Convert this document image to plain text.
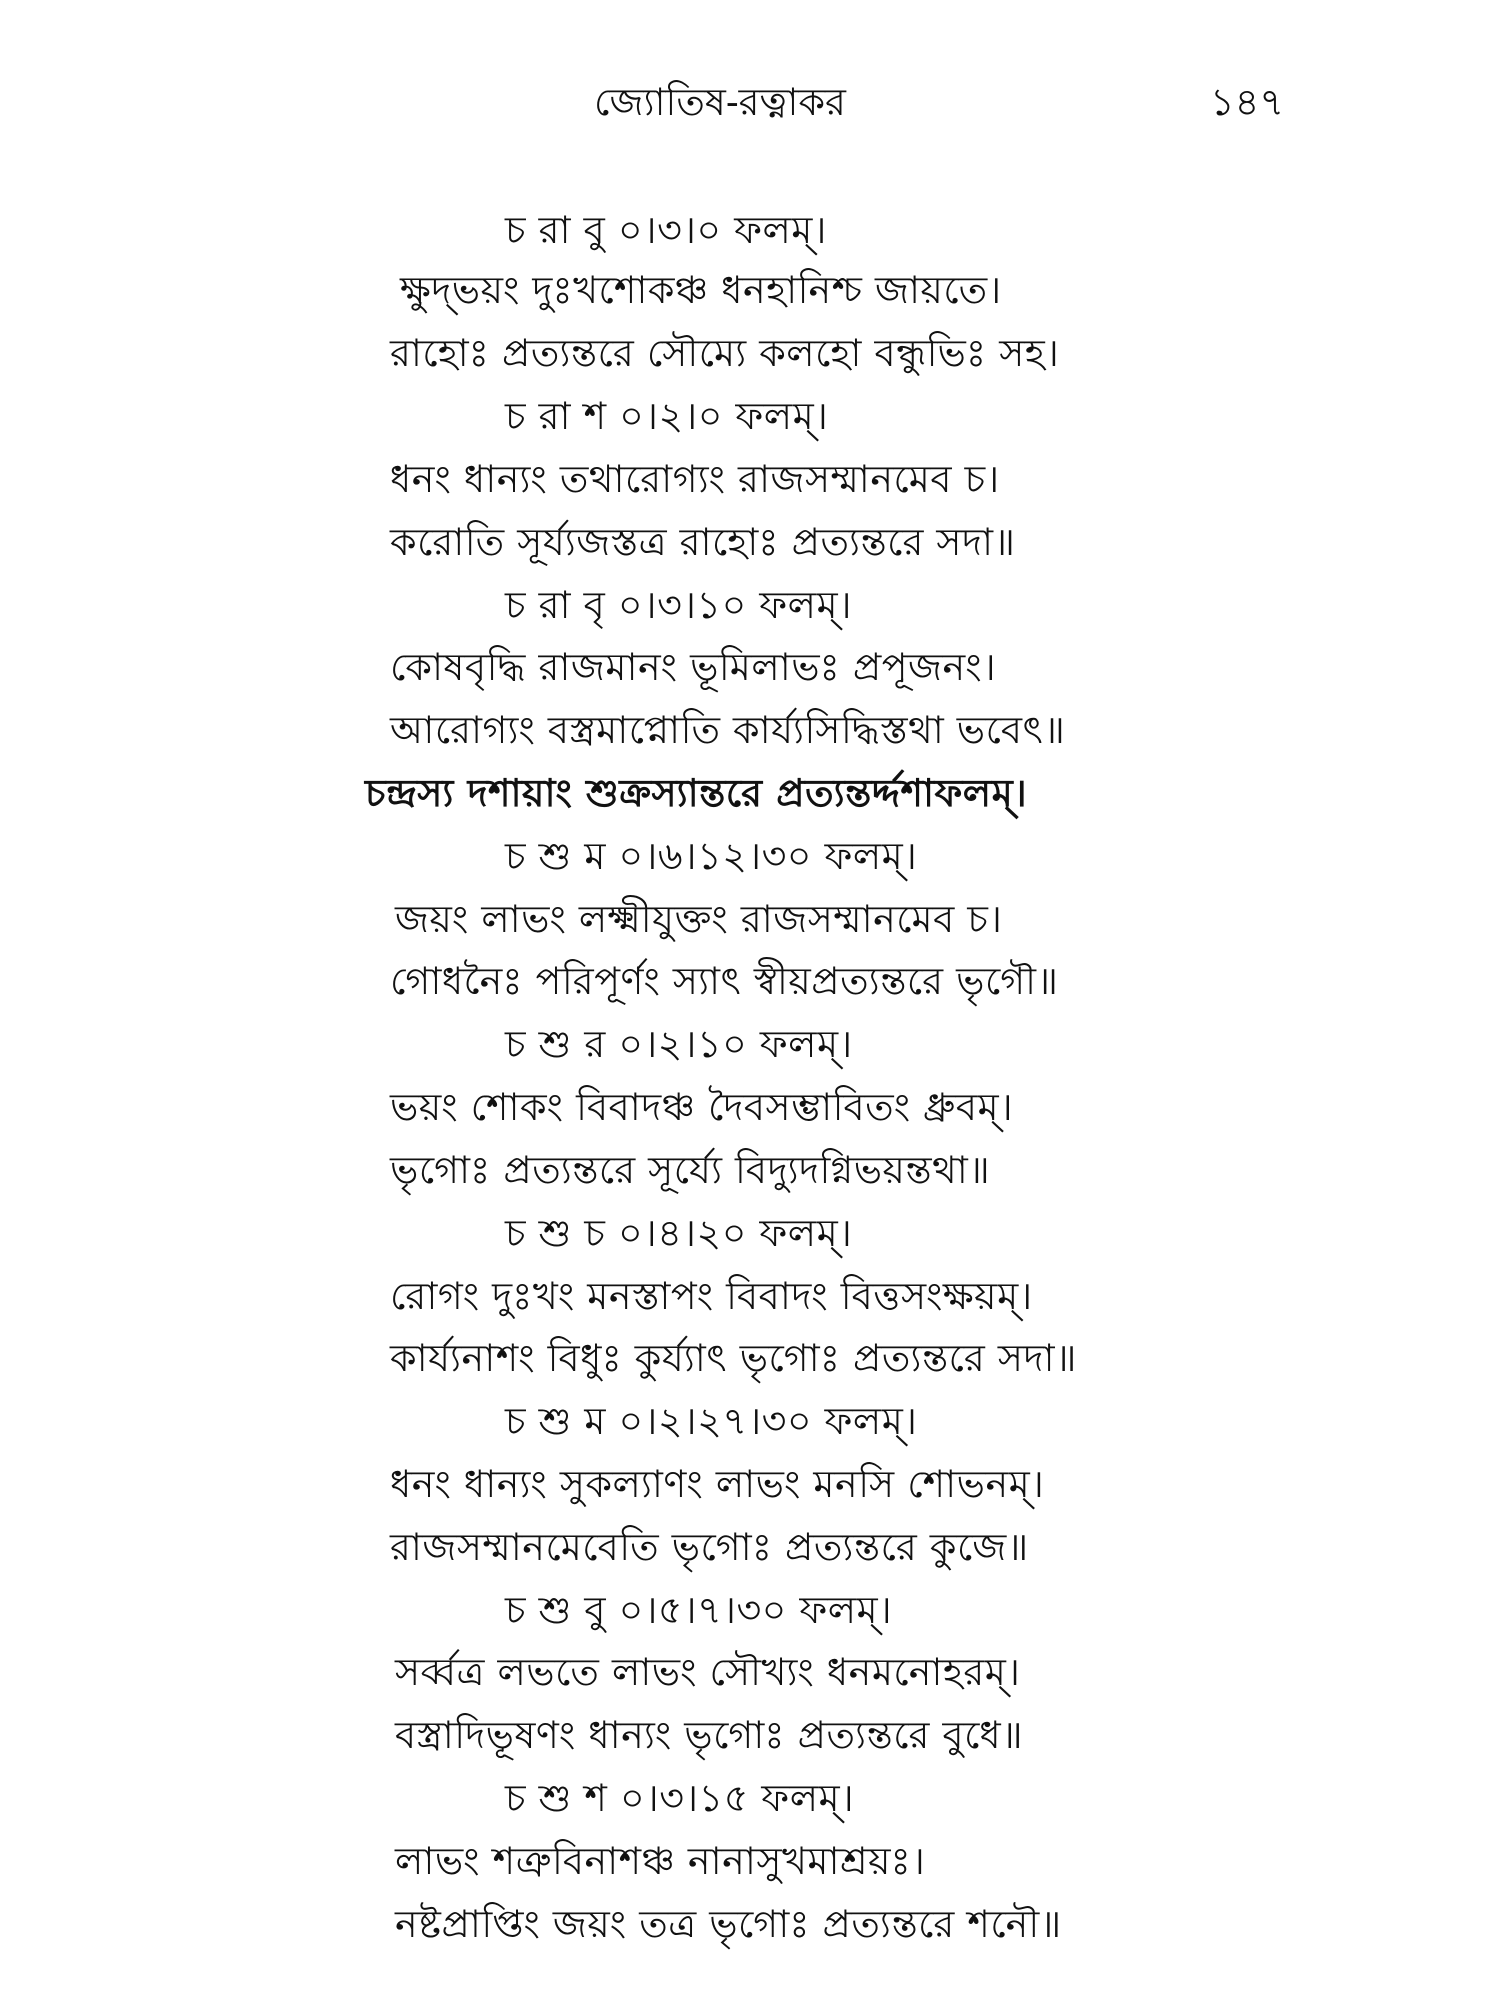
জ্যোতিষ-রত্নাকর	১৪৭
চ রা বু ০।৩।০ ফলম্।
ক্ষুদ্‌ভয়ং দুঃখশোকঞ্চ ধনহানিশ্চ জায়তে।
রাহোঃ প্রত্যন্তরে সৌম্যে কলহো বন্ধুভিঃ সহ।
চ রা শ ০।২।০ ফলম্।
ধনং ধান্যং তথারোগ্যং রাজসম্মানমেব চ।
করোতি সূর্য্যজস্তত্র রাহোঃ প্রত্যন্তরে সদা॥
চ রা বৃ ০।৩।১০ ফলম্।
কোষবৃদ্ধি রাজমানং ভূমিলাভঃ প্রপূজনং।
আরোগ্যং বস্ত্রমাপ্নোতি কার্য্যসিদ্ধিস্তথা ভবেৎ॥
চন্দ্রস্য দশায়াং শুক্রস্যান্তরে প্রত্যন্তর্দ্দশাফলম্।
চ শু ম ০।৬।১২।৩০ ফলম্।
জয়ং লাভং লক্ষ্মীযুক্তং রাজসম্মানমেব চ।
গোধনৈঃ পরিপূর্ণং স্যাৎ স্বীয়প্রত্যন্তরে ভৃগৌ॥
চ শু র ০।২।১০ ফলম্।
ভয়ং শোকং বিবাদঞ্চ দৈবসম্ভাবিতং ধ্রুবম্।
ভৃগোঃ প্রত্যন্তরে সূর্য্যে বিদ্যুদগ্নিভয়ন্তথা॥
চ শু চ ০।৪।২০ ফলম্।
রোগং দুঃখং মনস্তাপং বিবাদং বিত্তসংক্ষয়ম্।
কার্য্যনাশং বিধুঃ কুর্য্যাৎ ভৃগোঃ প্রত্যন্তরে সদা॥
চ শু ম ০।২।২৭।৩০ ফলম্।
ধনং ধান্যং সুকল্যাণং লাভং মনসি শোভনম্।
রাজসম্মানমেবেতি ভৃগোঃ প্রত্যন্তরে কুজে॥
চ শু বু ০।৫।৭।৩০ ফলম্।
সর্ব্বত্র লভতে লাভং সৌখ্যং ধনমনোহরম্।
বস্ত্রাদিভূষণং ধান্যং ভৃগোঃ প্রত্যন্তরে বুধে॥
চ শু শ ০।৩।১৫ ফলম্।
লাভং শত্রুবিনাশঞ্চ নানাসুখমাশ্রয়ঃ।
নষ্টপ্রাপ্তিং জয়ং তত্র ভৃগোঃ প্রত্যন্তরে শনৌ॥
